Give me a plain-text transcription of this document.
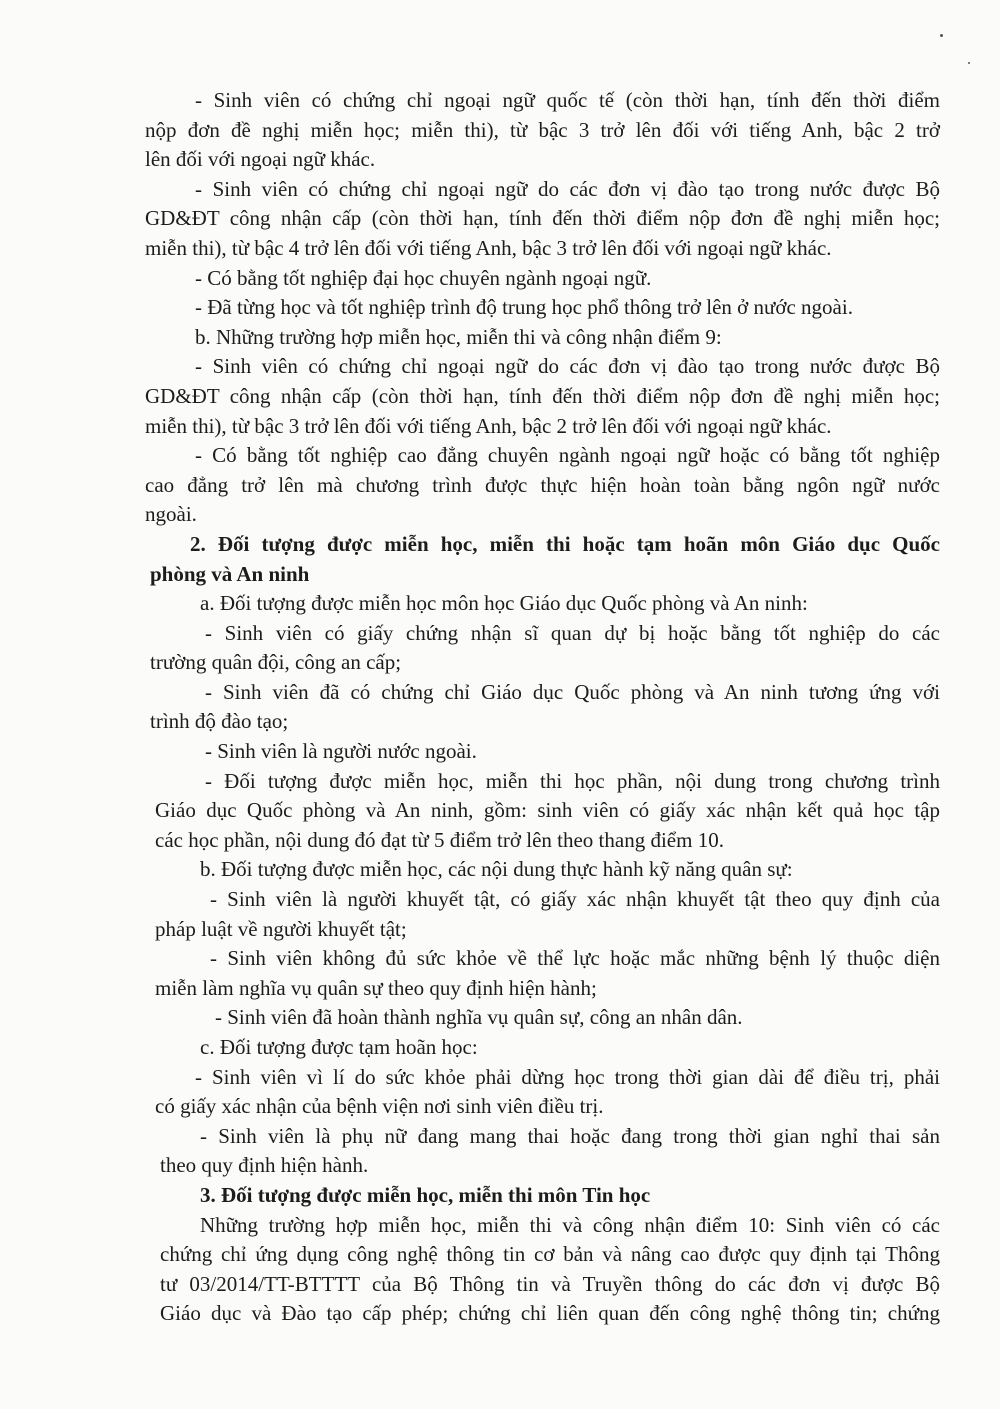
- Sinh viên có chứng chỉ ngoại ngữ quốc tế (còn thời hạn, tính đến thời điểm
nộp đơn đề nghị miễn học; miễn thi), từ bậc 3 trở lên đối với tiếng Anh, bậc 2 trở
lên đối với ngoại ngữ khác.
- Sinh viên có chứng chỉ ngoại ngữ do các đơn vị đào tạo trong nước được Bộ
GD&ĐT công nhận cấp (còn thời hạn, tính đến thời điểm nộp đơn đề nghị miễn học;
miễn thi), từ bậc 4 trở lên đối với tiếng Anh, bậc 3 trở lên đối với ngoại ngữ khác.
- Có bằng tốt nghiệp đại học chuyên ngành ngoại ngữ.
- Đã từng học và tốt nghiệp trình độ trung học phổ thông trở lên ở nước ngoài.
b. Những trường hợp miễn học, miễn thi và công nhận điểm 9:
- Sinh viên có chứng chỉ ngoại ngữ do các đơn vị đào tạo trong nước được Bộ
GD&ĐT công nhận cấp (còn thời hạn, tính đến thời điểm nộp đơn đề nghị miễn học;
miễn thi), từ bậc 3 trở lên đối với tiếng Anh, bậc 2 trở lên đối với ngoại ngữ khác.
- Có bằng tốt nghiệp cao đẳng chuyên ngành ngoại ngữ hoặc có bằng tốt nghiệp
cao đẳng trở lên mà chương trình được thực hiện hoàn toàn bằng ngôn ngữ nước
ngoài.
2. Đối tượng được miễn học, miễn thi hoặc tạm hoãn môn Giáo dục Quốc
phòng và An ninh
a. Đối tượng được miễn học môn học Giáo dục Quốc phòng và An ninh:
- Sinh viên có giấy chứng nhận sĩ quan dự bị hoặc bằng tốt nghiệp do các
trường quân đội, công an cấp;
- Sinh viên đã có chứng chỉ Giáo dục Quốc phòng và An ninh tương ứng với
trình độ đào tạo;
- Sinh viên là người nước ngoài.
- Đối tượng được miễn học, miễn thi học phần, nội dung trong chương trình
Giáo dục Quốc phòng và An ninh, gồm: sinh viên có giấy xác nhận kết quả học tập
các học phần, nội dung đó đạt từ 5 điểm trở lên theo thang điểm 10.
b. Đối tượng được miễn học, các nội dung thực hành kỹ năng quân sự:
- Sinh viên là người khuyết tật, có giấy xác nhận khuyết tật theo quy định của
pháp luật về người khuyết tật;
- Sinh viên không đủ sức khỏe về thể lực hoặc mắc những bệnh lý thuộc diện
miễn làm nghĩa vụ quân sự theo quy định hiện hành;
- Sinh viên đã hoàn thành nghĩa vụ quân sự, công an nhân dân.
c. Đối tượng được tạm hoãn học:
- Sinh viên vì lí do sức khỏe phải dừng học trong thời gian dài để điều trị, phải
có giấy xác nhận của bệnh viện nơi sinh viên điều trị.
- Sinh viên là phụ nữ đang mang thai hoặc đang trong thời gian nghỉ thai sản
theo quy định hiện hành.
3. Đối tượng được miễn học, miễn thi môn Tin học
Những trường hợp miễn học, miễn thi và công nhận điểm 10: Sinh viên có các
chứng chỉ ứng dụng công nghệ thông tin cơ bản và nâng cao được quy định tại Thông
tư 03/2014/TT-BTTTT của Bộ Thông tin và Truyền thông do các đơn vị được Bộ
Giáo dục và Đào tạo cấp phép; chứng chỉ liên quan đến công nghệ thông tin; chứng
